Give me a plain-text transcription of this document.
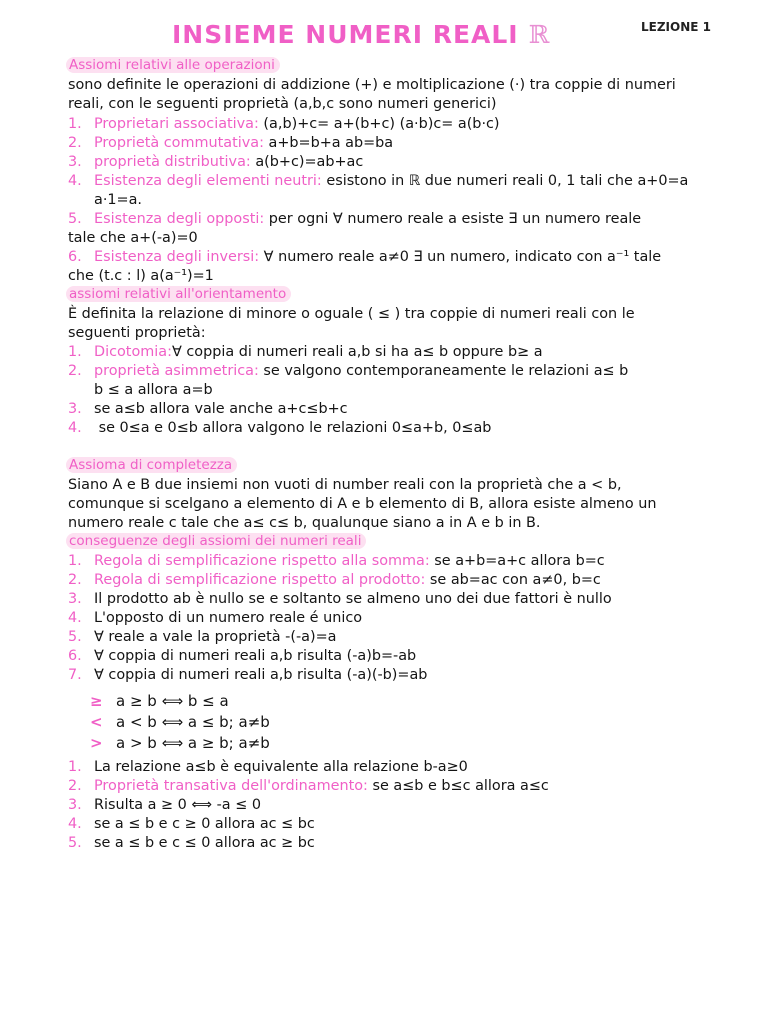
INSIEME NUMERI REALI ℝ	LEZIONE 1
Assiomi relativi alle operazioni
sono definite le operazioni di addizione (+) e moltiplicazione (·) tra coppie di numeri
reali, con le seguenti proprietà (a,b,c sono numeri generici)
1. Proprietari associativa: (a,b)+c= a+(b+c) (a·b)c= a(b·c)
2. Proprietà commutativa: a+b=b+a ab=ba
3. proprietà distributiva: a(b+c)=ab+ac
4. Esistenza degli elementi neutri: esistono in ℝ due numeri reali 0, 1 tali che a+0=a
a·1=a.
5. Esistenza degli opposti: per ogni ∀ numero reale a esiste ∃ un numero reale
tale che a+(-a)=0
6. Esistenza degli inversi: ∀ numero reale a≠0 ∃ un numero, indicato con a⁻¹ tale
che (t.c : l) a(a⁻¹)=1
assiomi relativi all'orientamento
È definita la relazione di minore o oguale ( ≤ ) tra coppie di numeri reali con le
seguenti proprietà:
1. Dicotomia:∀ coppia di numeri reali a,b si ha a≤ b oppure b≥ a
2. proprietà asimmetrica: se valgono contemporaneamente le relazioni a≤ b
b ≤ a allora a=b
3. se a≤b allora vale anche a+c≤b+c
4. se 0≤a e 0≤b allora valgono le relazioni 0≤a+b, 0≤ab
Assioma di completezza
Siano A e B due insiemi non vuoti di number reali con la proprietà che a < b,
comunque si scelgano a elemento di A e b elemento di B, allora esiste almeno un
numero reale c tale che a≤ c≤ b, qualunque siano a in A e b in B.
conseguenze degli assiomi dei numeri reali
1. Regola di semplificazione rispetto alla somma: se a+b=a+c allora b=c
2. Regola di semplificazione rispetto al prodotto: se ab=ac con a≠0, b=c
3. Il prodotto ab è nullo se e soltanto se almeno uno dei due fattori è nullo
4. L'opposto di un numero reale é unico
5. ∀ reale a vale la proprietà -(-a)=a
6. ∀ coppia di numeri reali a,b risulta (-a)b=-ab
7. ∀ coppia di numeri reali a,b risulta (-a)(-b)=ab
≥ a ≥ b ⟺ b ≤ a
< a < b ⟺ a ≤ b; a≠b
> a > b ⟺ a ≥ b; a≠b
1. La relazione a≤b è equivalente alla relazione b-a≥0
2. Proprietà transativa dell'ordinamento: se a≤b e b≤c allora a≤c
3. Risulta a ≥ 0 ⟺ -a ≤ 0
4. se a ≤ b e c ≥ 0 allora ac ≤ bc
5. se a ≤ b e c ≤ 0 allora ac ≥ bc
